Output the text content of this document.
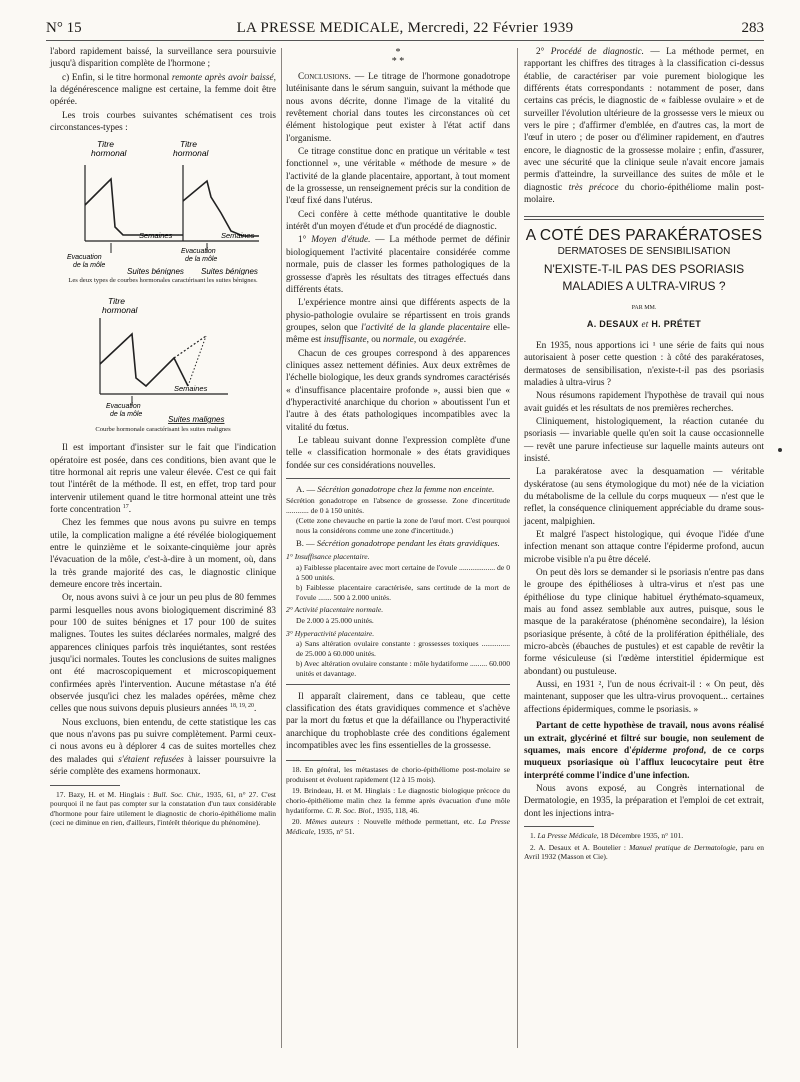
N° 15	LA PRESSE MEDICALE, Mercredi, 22 Février 1939	283

l'abord rapidement baissé, la surveillance sera poursuivie jusqu'à disparition complète de l'hormone ;

c) Enfin, si le titre hormonal remonte après avoir baissé, la dégénérescence maligne est certaine, la femme doit être opérée.

Les trois courbes suivantes schématisent ces trois circonstances-types :

Titre
hormonal
Titre
hormonal
Semaines	Semaines
Evacuation
de la môle
Evacuation
de la môle
Suites bénignes Suites bénignes

Les deux types de courbes hormonales caractérisant les suites bénignes.

Titre
hormonal
Semaines
Evacuation
de la môle
Suites malignes

Courbe hormonale caractérisant les suites malignes

Il est important d'insister sur le fait que l'indication opératoire est posée, dans ces conditions, bien avant que le titre hormonal ait repris une valeur élevée. C'est ce qui fait tout l'intérêt de la méthode. Il est, en effet, trop tard pour intervenir utilement quand le titre hormonal atteint une très forte concentration $^{17}$.

Chez les femmes que nous avons pu suivre en temps utile, la complication maligne a été révélée biologiquement entre le quinzième et le soixante-cinquième jour après l'évacuation de la môle, c'est-à-dire à un moment, où, dans la très grande majorité des cas, le diagnostic clinique demeure encore très incertain.

Or, nous avons suivi à ce jour un peu plus de 80 femmes parmi lesquelles nous avons biologiquement discriminé 83 pour 100 de suites bénignes et 17 pour 100 de suites malignes. Toutes les suites déclarées normales, malgré des apparences cliniques parfois très inquiétantes, sont restées jusqu'ici normales. Toutes les conclusions de suites malignes ont été macroscopiquement et microscopiquement confirmées après l'intervention. Aucune métastase n'a été observée jusqu'ici chez les malades opérées, même chez celles que nous suivons depuis plusieurs années $^{18, 19, 20}$.

Nous excluons, bien entendu, de cette statistique les cas que nous n'avons pas pu suivre complètement. Parmi ceux-ci nous avons eu à déplorer 4 cas de suites mortelles chez des malades qui s'étaient refusées à laisser poursuivre la série complète des examens hormonaux.

17. Bazy, H. et M. Hinglais : Bull. Soc. Chir., 1935, 61, n° 27. C'est pourquoi il ne faut pas compter sur la constatation d'un taux considérable d'hormone pour faire utilement le diagnostic de chorio-épithéliome malin (ceci ne diminue en rien, d'ailleurs, l'intérêt théorique du phénomène).

*
* *

Conclusions. — Le titrage de l'hormone gonadotrope lutéinisante dans le sérum sanguin, suivant la méthode que nous avons décrite, donne l'image de la vitalité du revêtement chorial dans toutes les circonstances où cet élément histologique peut exister à l'état actif dans l'organisme.

Ce titrage constitue donc en pratique un véritable « test fonctionnel », une véritable « méthode de mesure » de l'activité de la glande placentaire, apportant, à tout moment de la grossesse, un renseignement précis sur la condition de l'œuf fixé dans l'utérus.

Ceci confère à cette méthode quantitative le double intérêt d'un moyen d'étude et d'un procédé de diagnostic.

1° Moyen d'étude. — La méthode permet de définir biologiquement l'activité placentaire considérée comme normale, puis de classer les formes pathologiques de la grossesse d'après les résultats des titrages effectués dans différents états.

L'expérience montre ainsi que différents aspects de la physio-pathologie ovulaire se répartissent en trois grands groupes, selon que l'activité de la glande placentaire elle-même est insuffisante, ou normale, ou exagérée.

Chacun de ces groupes correspond à des apparences cliniques assez nettement définies. Aux deux extrêmes de l'échelle biologique, les deux grands syndromes caractérisés « d'insuffisance placentaire profonde », aussi bien que « d'hyperactivité anarchique du chorion » aboutissent l'un et l'autre à des états pathologiques incompatibles avec la vitalité du fœtus.

Le tableau suivant donne l'expression complète d'une telle « classification hormonale » des états gravidiques fondée sur ces considérations nouvelles.

A. — Sécrétion gonadotrope chez la femme non enceinte.

Sécrétion gonadotrope en l'absence de grossesse. Zone d'incertitude ............ de 0 à 150 unités.

(Cette zone chevauche en partie la zone de l'œuf mort. C'est pourquoi nous la considérons comme une zone d'incertitude.)

B. — Sécrétion gonadotrope pendant les états gravidiques.

1° Insuffisance placentaire.

a) Faiblesse placentaire avec mort certaine de l'ovule ................... de 0 à 500 unités.

b) Faiblesse placentaire caractérisée, sans certitude de la mort de l'ovule ....... 500 à 2.000 unités.

2° Activité placentaire normale.

De 2.000 à 25.000 unités.

3° Hyperactivité placentaire.

a) Sans altération ovulaire constante : grossesses toxiques ............... de 25.000 à 60.000 unités.

b) Avec altération ovulaire constante : môle hydatiforme ......... 60.000 unités et davantage.

Il apparaît clairement, dans ce tableau, que cette classification des états gravidiques commence et s'achève par la mort du fœtus et que la défaillance ou l'hyperactivité anarchique du trophoblaste crée des conditions également incompatibles avec les fins essentielles de la grossesse.

18. En général, les métastases de chorio-épithéliome post-molaire se produisent et évoluent rapidement (12 à 15 mois).

19. Brindeau, H. et M. Hinglais : Le diagnostic biologique précoce du chorio-épithéliome malin chez la femme après évacuation d'une môle hydatiforme. C. R. Soc. Biol., 1935, 118, 46.

20. Mêmes auteurs : Nouvelle méthode permettant, etc. La Presse Médicale, 1935, n° 51.

2° Procédé de diagnostic. — La méthode permet, en rapportant les chiffres des titrages à la classification ci-dessus établie, de caractériser par voie purement biologique les différents états correspondants : notamment de poser, dans certains cas précis, le diagnostic de « faiblesse ovulaire » et de surveiller l'évolution ultérieure de la grossesse vers le mieux ou vers le pire ; d'affirmer d'emblée, en d'autres cas, la mort de l'œuf in utero ; de poser ou d'éliminer rapidement, en d'autres encore, le diagnostic de la grossesse molaire ; enfin, d'assurer, avec une sécurité que la clinique seule n'avait encore jamais permis d'atteindre, la surveillance des suites de môle et le diagnostic très précoce du chorio-épithéliome malin post-molaire.

A COTÉ DES PARAKÉRATOSES

DERMATOSES DE SENSIBILISATION

N'EXISTE-T-IL PAS DES PSORIASIS

MALADIES A ULTRA-VIRUS ?

PAR MM.

A. DESAUX et H. PRÉTET

En 1935, nous apportions ici ¹ une série de faits qui nous autorisaient à poser cette question : à côté des parakératoses, dermatoses de sensibilisation, n'existe-t-il pas des psoriasis maladies à ultra-virus ?

Nous résumons rapidement l'hypothèse de travail qui nous avait guidés et les résultats de nos premières recherches.

Cliniquement, histologiquement, la réaction cutanée du psoriasis — invariable quelle qu'en soit la cause occasionnelle — revêt une parure infectieuse sur laquelle maints auteurs ont insisté.

La parakératose avec la desquamation — véritable dyskératose (au sens étymologique du mot) née de la viciation du métabolisme de la cellule du corps muqueux — n'est que le reflet, la conséquence cliniquement appréciable du drame sous-jacent, malpighien.

Et malgré l'aspect histologique, qui évoque l'idée d'une infection menant son attaque contre l'épiderme profond, aucun microbe visible n'a pu être décelé.

On peut dès lors se demander si le psoriasis n'entre pas dans le groupe des épithélioses à ultra-virus et n'est pas une épithéliose du type clinique habituel érythémato-squameux, mais au fond assez semblable aux autres, puisque, sous le masque de la parakératose (phénomène secondaire), la lésion psoriasique présente, à côté de la prolifération épithéliale, des micro-abcès (ébauches de pustules) et est capable de revêtir la forme vésiculeuse (si l'œdème interstitiel épidermique est abondant) ou pustuleuse.

Aussi, en 1931 ², l'un de nous écrivait-il : « On peut, dès maintenant, supposer que les ultra-virus provoquent... certaines affections épidermiques, comme le psoriasis. »

Partant de cette hypothèse de travail, nous avons réalisé un extrait, glycériné et filtré sur bougie, non seulement de squames, mais encore d'épiderme profond, de ce corps muqueux psoriasique où l'afflux leucocytaire peut être interprété comme l'indice d'une infection.

Nous avons exposé, au Congrès international de Dermatologie, en 1935, la préparation et l'emploi de cet extrait, dont les injections intra-

1. La Presse Médicale, 18 Décembre 1935, n° 101.

2. A. Desaux et A. Boutelier : Manuel pratique de Dermatologie, paru en Avril 1932 (Masson et Cie).
